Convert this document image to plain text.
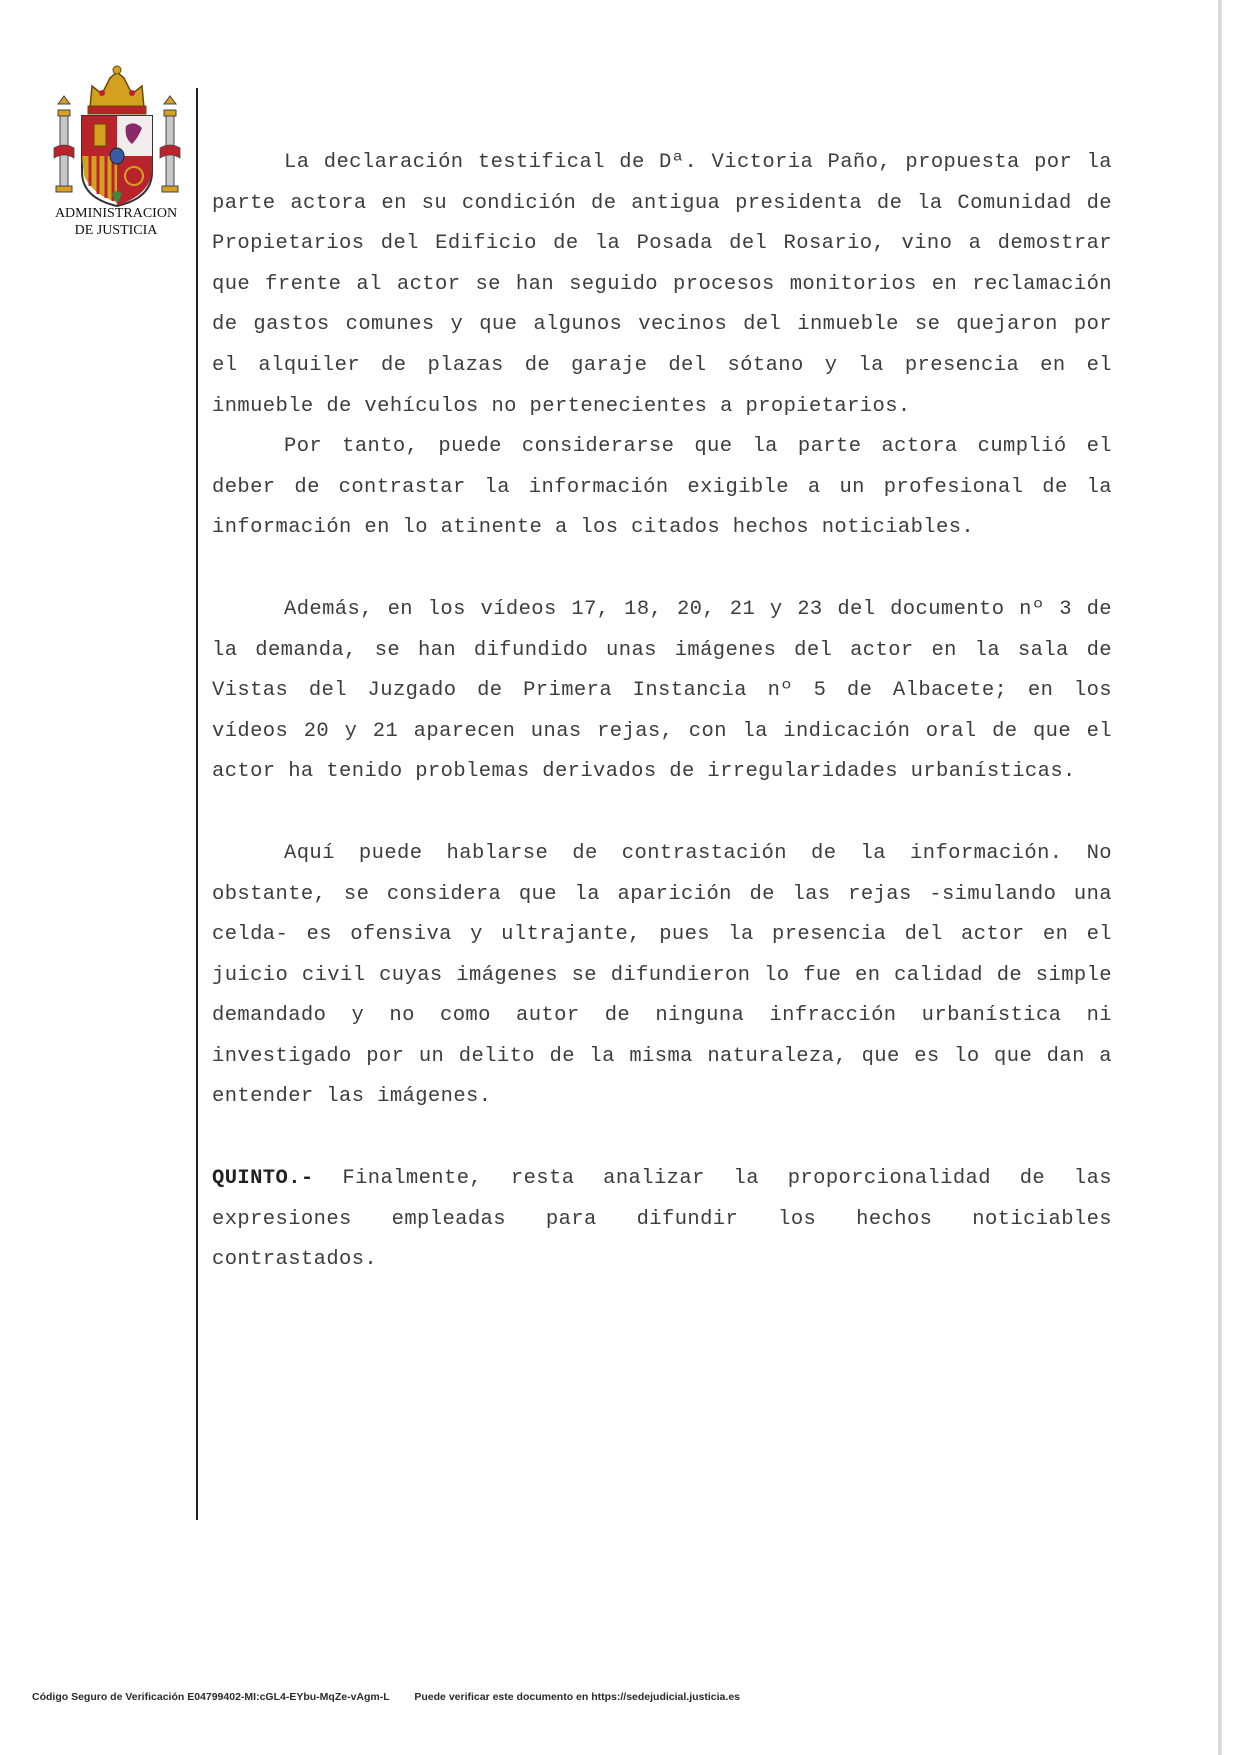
ADMINISTRACION
DE JUSTICIA

La declaración testifical de Dª. Victoria Paño, propuesta por la parte actora en su condición de antigua presidenta de la Comunidad de Propietarios del Edificio de la Posada del Rosario, vino a demostrar que frente al actor se han seguido procesos monitorios en reclamación de gastos comunes y que algunos vecinos del inmueble se quejaron por el alquiler de plazas de garaje del sótano y la presencia en el inmueble de vehículos no pertenecientes a propietarios.

Por tanto, puede considerarse que la parte actora cumplió el deber de contrastar la información exigible a un profesional de la información en lo atinente a los citados hechos noticiables.

Además, en los vídeos 17, 18, 20, 21 y 23 del documento nº 3 de la demanda, se han difundido unas imágenes del actor en la sala de Vistas del Juzgado de Primera Instancia nº 5 de Albacete; en los vídeos 20 y 21 aparecen unas rejas, con la indicación oral de que el actor ha tenido problemas derivados de irregularidades urbanísticas.

Aquí puede hablarse de contrastación de la información. No obstante, se considera que la aparición de las rejas -simulando una celda- es ofensiva y ultrajante, pues la presencia del actor en el juicio civil cuyas imágenes se difundieron lo fue en calidad de simple demandado y no como autor de ninguna infracción urbanística ni investigado por un delito de la misma naturaleza, que es lo que dan a entender las imágenes.

QUINTO.- Finalmente, resta analizar la proporcionalidad de las expresiones empleadas para difundir los hechos noticiables contrastados.

Código Seguro de Verificación E04799402-MI:cGL4-EYbu-MqZe-vAgm-L Puede verificar este documento en https://sedejudicial.justicia.es
